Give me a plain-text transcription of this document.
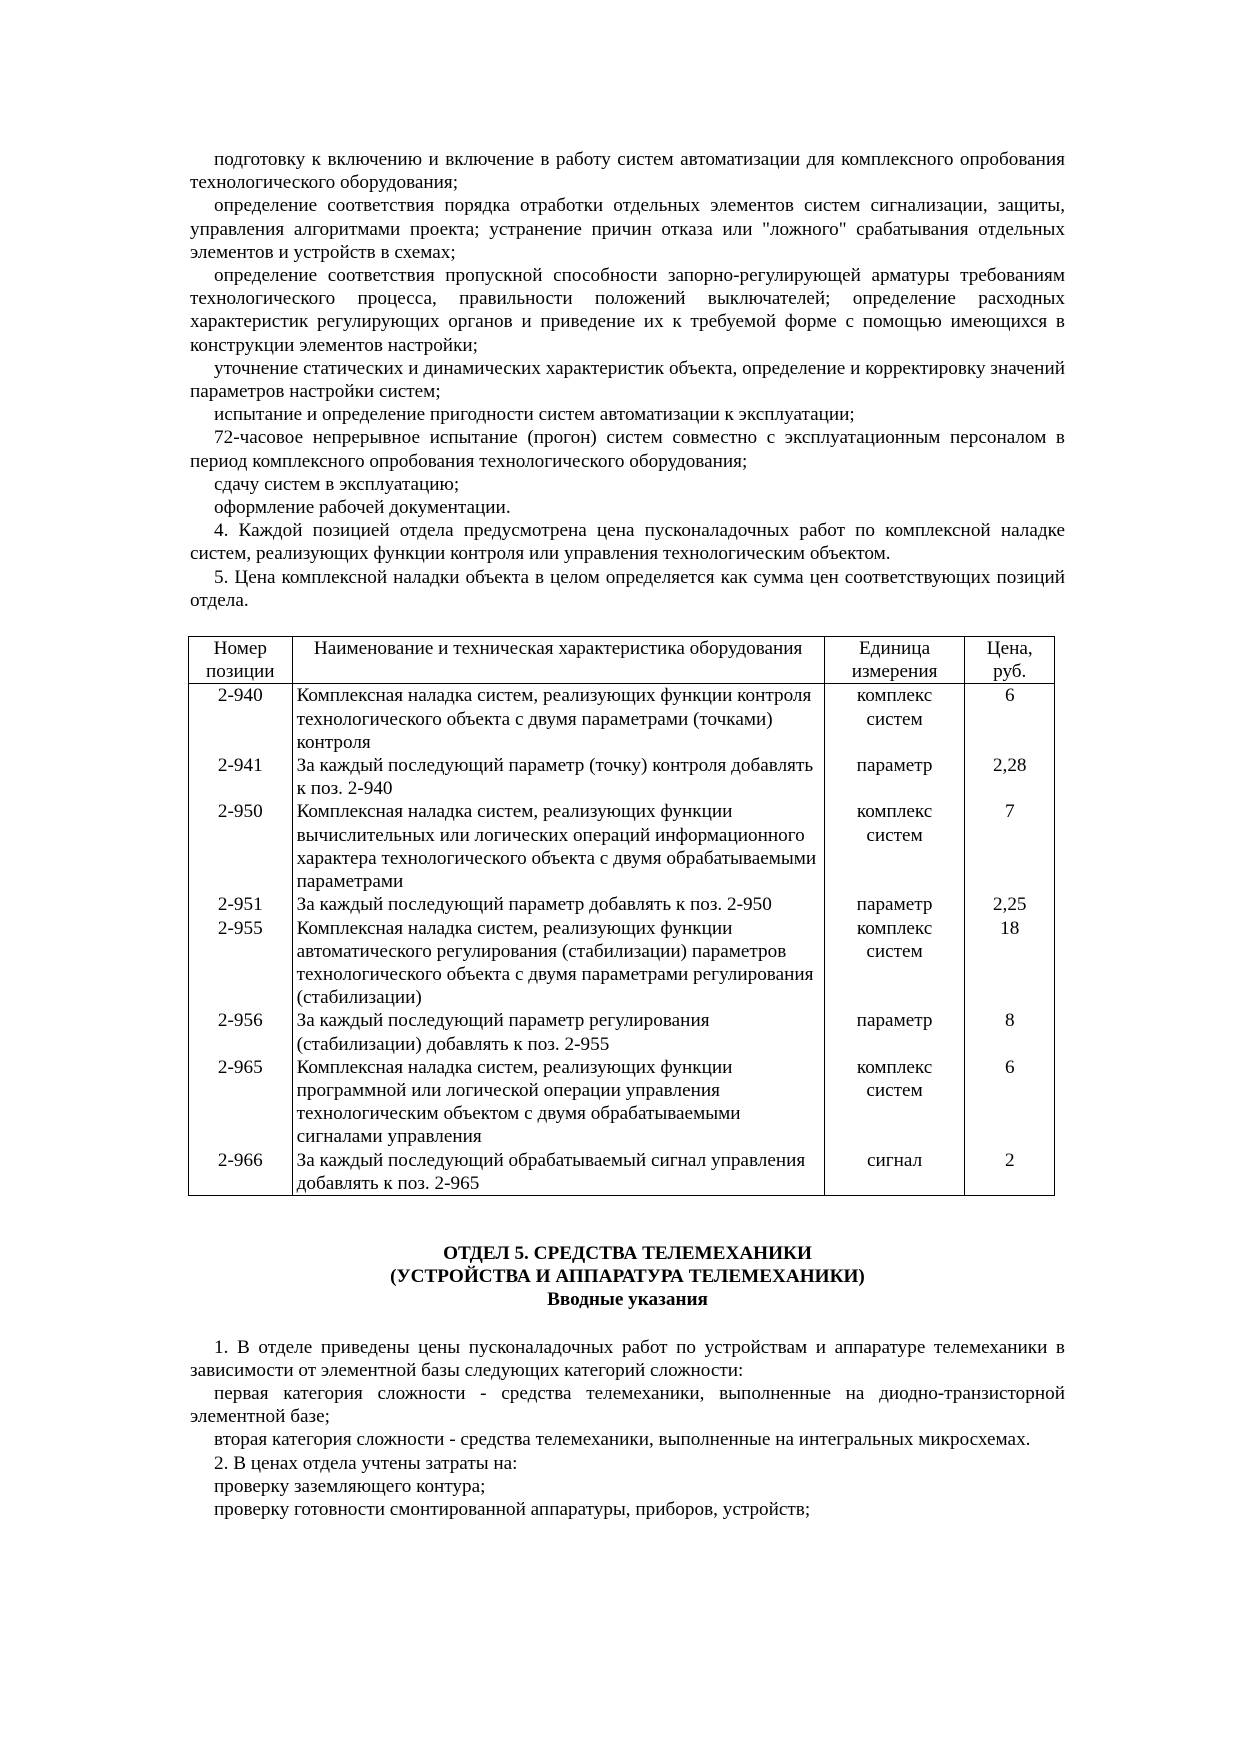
подготовку к включению и включение в работу систем автоматизации для комплексного опробования технологического оборудования;

определение соответствия порядка отработки отдельных элементов систем сигнализации, защиты, управления алгоритмами проекта; устранение причин отказа или "ложного" срабатывания отдельных элементов и устройств в схемах;

определение соответствия пропускной способности запорно-регулирующей арматуры требованиям технологического процесса, правильности положений выключателей; определение расходных характеристик регулирующих органов и приведение их к требуемой форме с помощью имеющихся в конструкции элементов настройки;

уточнение статических и динамических характеристик объекта, определение и корректировку значений параметров настройки систем;

испытание и определение пригодности систем автоматизации к эксплуатации;

72-часовое непрерывное испытание (прогон) систем совместно с эксплуатационным персоналом в период комплексного опробования технологического оборудования;

сдачу систем в эксплуатацию;

оформление рабочей документации.

4. Каждой позицией отдела предусмотрена цена пусконаладочных работ по комплексной наладке систем, реализующих функции контроля или управления технологическим объектом.

5. Цена комплексной наладки объекта в целом определяется как сумма цен соответствующих позиций отдела.

Номер позиции	Наименование и техническая характеристика оборудования	Единица измерения	Цена, руб.
2-940	Комплексная наладка систем, реализующих функции контроля технологического объекта с двумя параметрами (точками) контроля	комплекс систем	6
2-941	За каждый последующий параметр (точку) контроля добавлять к поз. 2-940	параметр	2,28
2-950	Комплексная наладка систем, реализующих функции вычислительных или логических операций информационного характера технологического объекта с двумя обрабатываемыми параметрами	комплекс систем	7
2-951	За каждый последующий параметр добавлять к поз. 2-950	параметр	2,25
2-955	Комплексная наладка систем, реализующих функции автоматического регулирования (стабилизации) параметров технологического объекта с двумя параметрами регулирования (стабилизации)	комплекс систем	18
2-956	За каждый последующий параметр регулирования (стабилизации) добавлять к поз. 2-955	параметр	8
2-965	Комплексная наладка систем, реализующих функции программной или логической операции управления технологическим объектом с двумя обрабатываемыми сигналами управления	комплекс систем	6
2-966	За каждый последующий обрабатываемый сигнал управления добавлять к поз. 2-965	сигнал	2

ОТДЕЛ 5. СРЕДСТВА ТЕЛЕМЕХАНИКИ

(УСТРОЙСТВА И АППАРАТУРА ТЕЛЕМЕХАНИКИ)

Вводные указания

1. В отделе приведены цены пусконаладочных работ по устройствам и аппаратуре телемеханики в зависимости от элементной базы следующих категорий сложности:

первая категория сложности - средства телемеханики, выполненные на диодно-транзисторной элементной базе;

вторая категория сложности - средства телемеханики, выполненные на интегральных микросхемах.

2. В ценах отдела учтены затраты на:

проверку заземляющего контура;

проверку готовности смонтированной аппаратуры, приборов, устройств;
